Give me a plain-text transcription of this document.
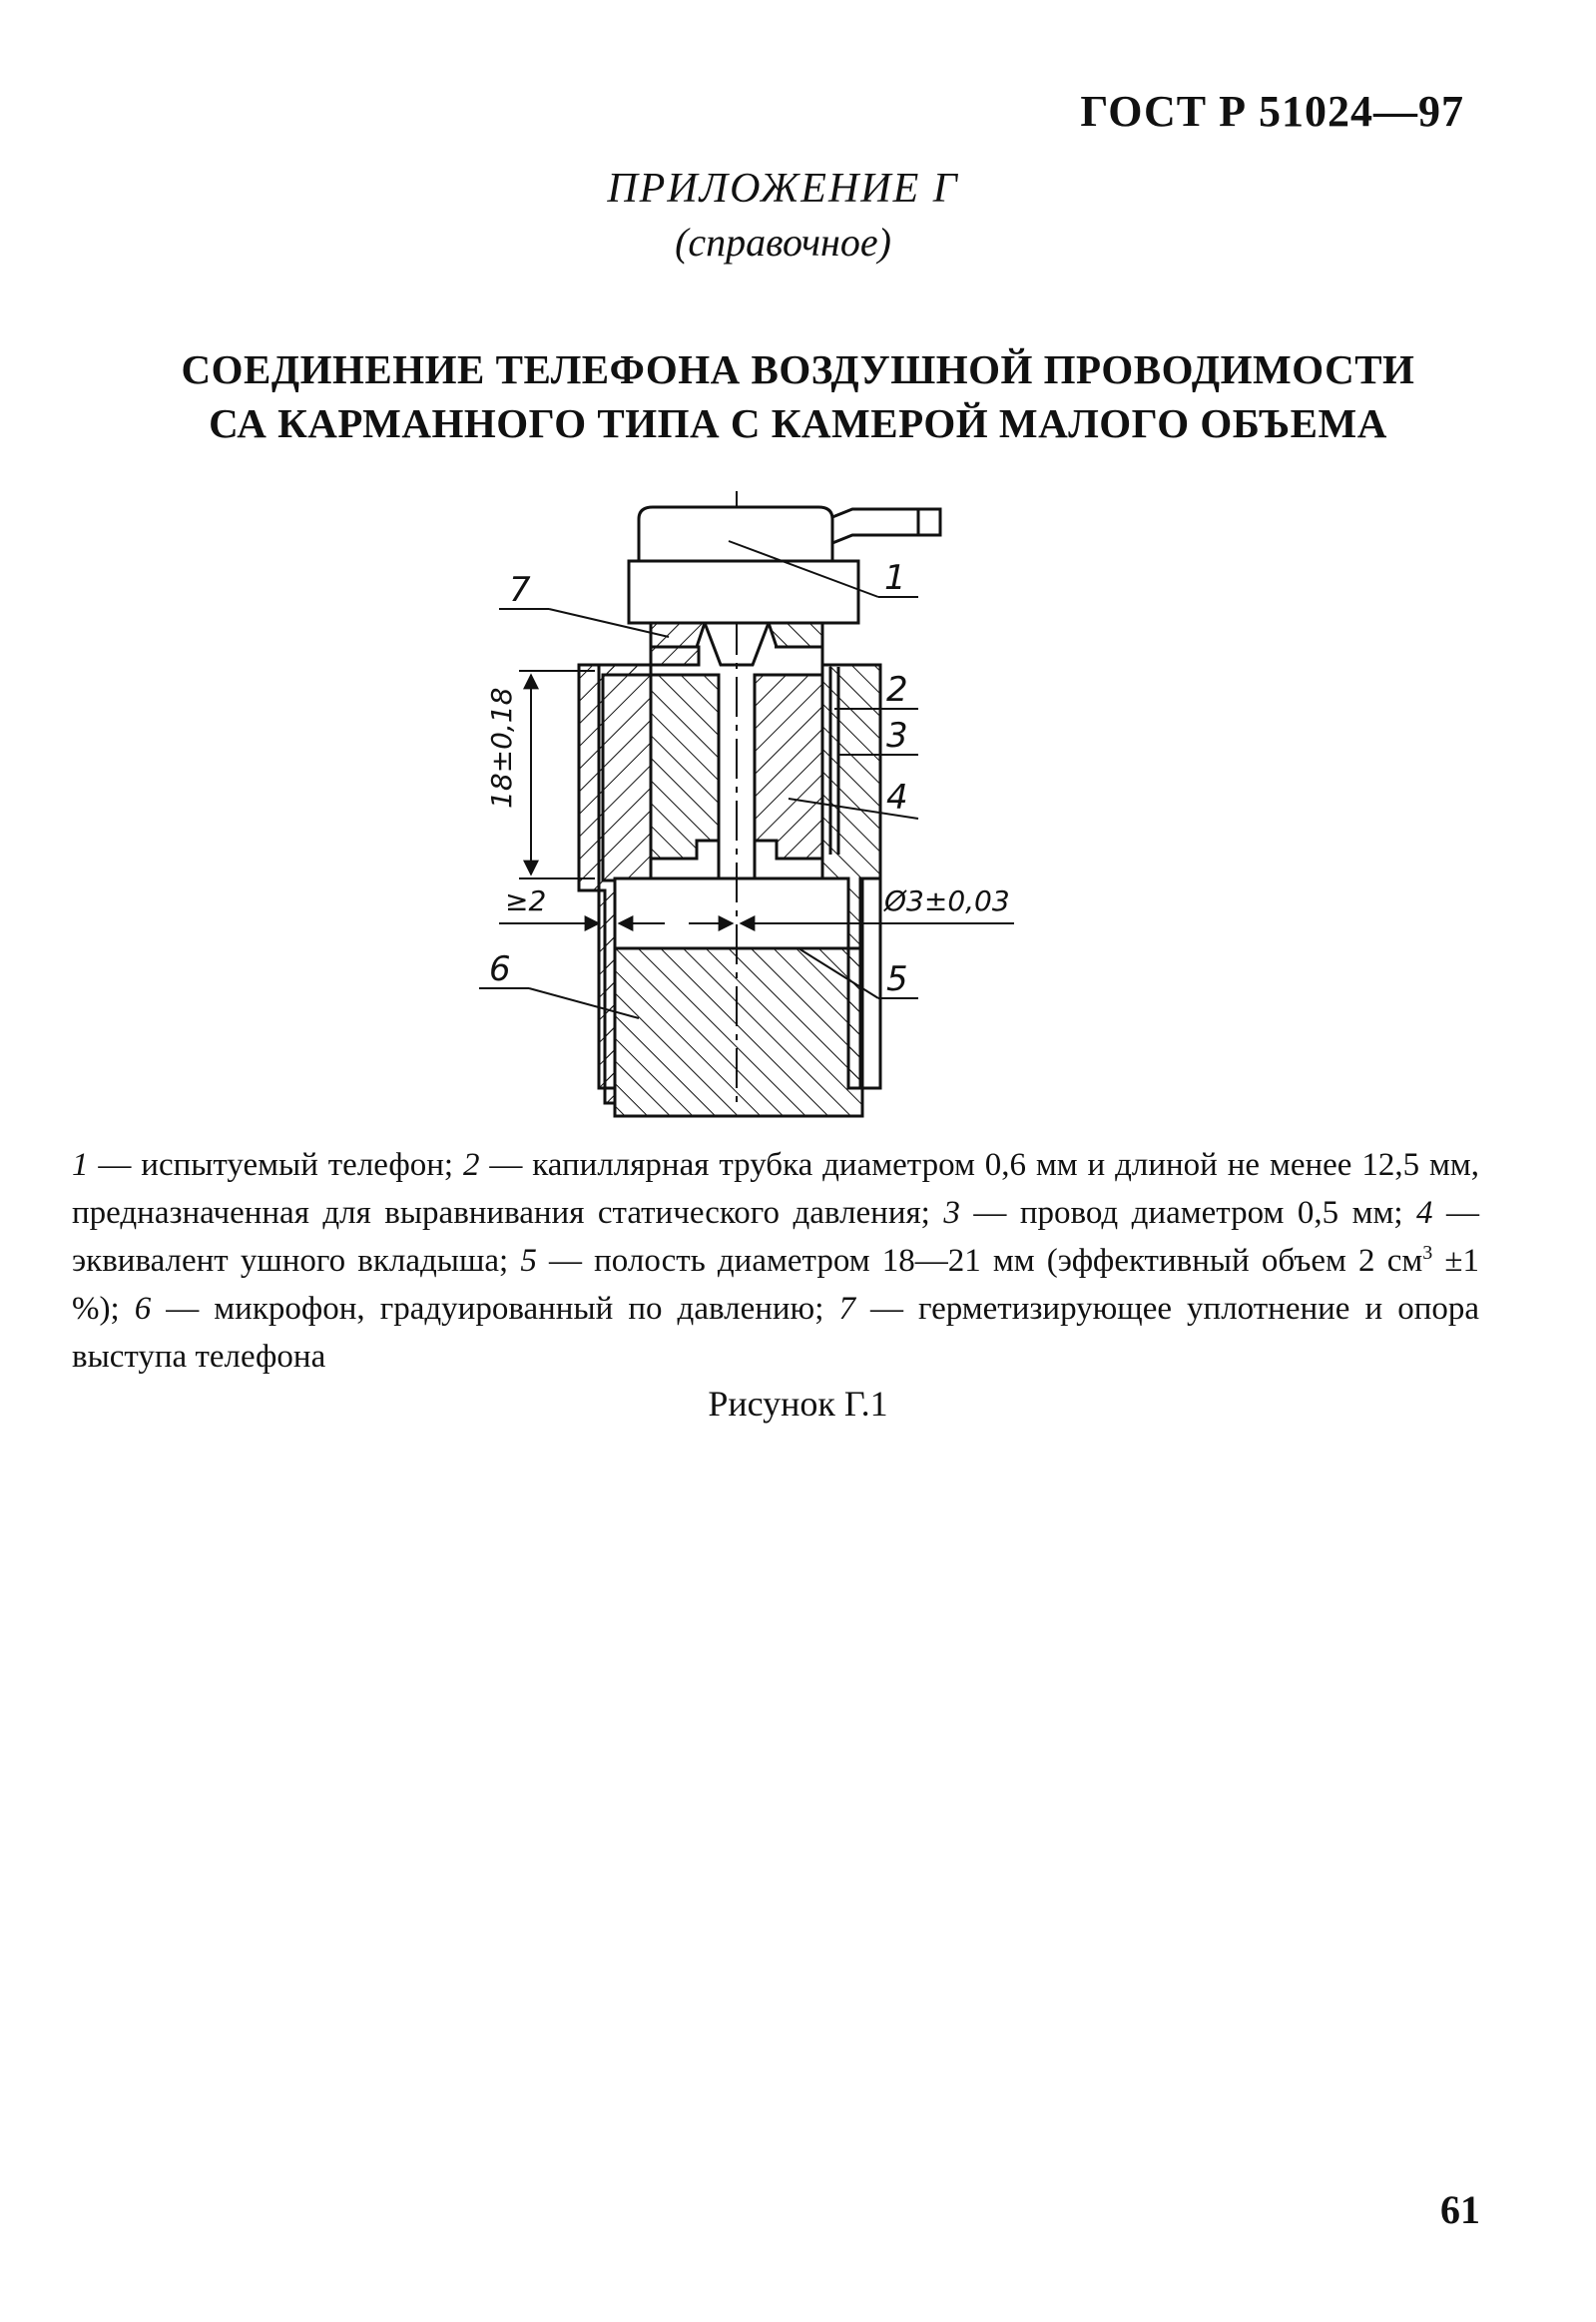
ГОСТ Р 51024—97
ПРИЛОЖЕНИЕ Г
(справочное)
СОЕДИНЕНИЕ ТЕЛЕФОНА ВОЗДУШНОЙ ПРОВОДИМОСТИ
СА КАРМАННОГО ТИПА С КАМЕРОЙ МАЛОГО ОБЪЕМА
18±0,18
≥2	Ø3±0,03
1
2
3
4
5
6
7
1 — испытуемый телефон; 2 — капиллярная трубка диаметром 0,6 мм и длиной не менее 12,5 мм, предназначенная для выравнивания статического давления; 3 — провод диаметром 0,5 мм; 4 — эквивалент ушного вкладыша; 5 — полость диаметром 18—21 мм (эффективный объем 2 $см^3 \pm 1$ %); 6 — микрофон, градуированный по давлению; 7 — герметизирующее уплотнение и опора выступа телефона
Рисунок Г.1
61
